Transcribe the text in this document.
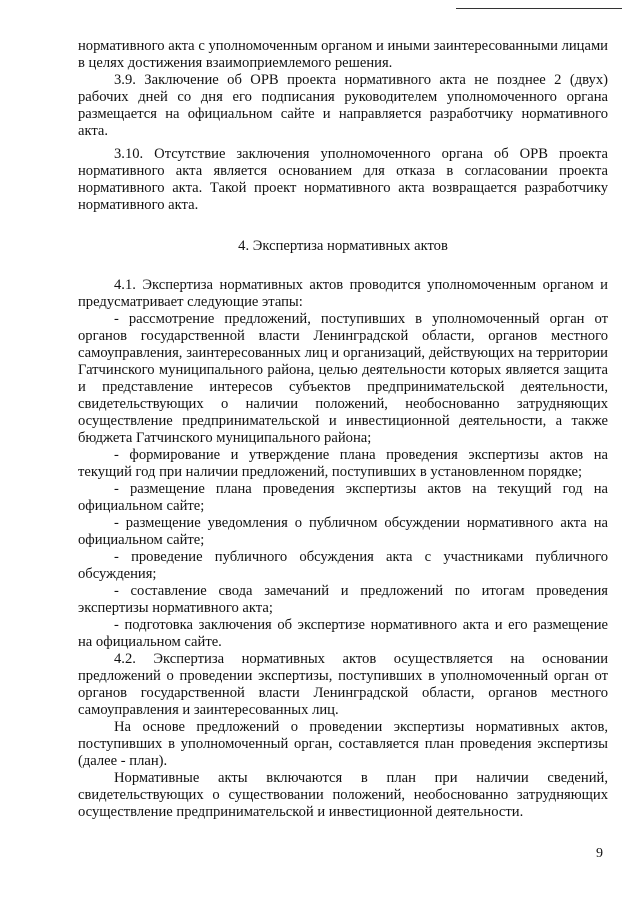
нормативного акта с уполномоченным органом и иными заинтересованными лицами в целях достижения взаимоприемлемого решения.

3.9. Заключение об ОРВ проекта нормативного акта не позднее 2 (двух) рабочих дней со дня его подписания руководителем уполномоченного органа размещается на официальном сайте и направляется разработчику нормативного акта.

3.10. Отсутствие заключения уполномоченного органа об ОРВ проекта нормативного акта является основанием для отказа в согласовании проекта нормативного акта. Такой проект нормативного акта возвращается разработчику нормативного акта.

4. Экспертиза нормативных актов

4.1. Экспертиза нормативных актов проводится уполномоченным органом и предусматривает следующие этапы:

- рассмотрение предложений, поступивших в уполномоченный орган от органов государственной власти Ленинградской области, органов местного самоуправления, заинтересованных лиц и организаций, действующих на территории Гатчинского муниципального района, целью деятельности которых является защита и представление интересов субъектов предпринимательской деятельности, свидетельствующих о наличии положений, необоснованно затрудняющих осуществление предпринимательской и инвестиционной деятельности, а также бюджета Гатчинского муниципального района;

- формирование и утверждение плана проведения экспертизы актов на текущий год при наличии предложений, поступивших в установленном порядке;

- размещение плана проведения экспертизы актов на текущий год на официальном сайте;

- размещение уведомления о публичном обсуждении нормативного акта на официальном сайте;

- проведение публичного обсуждения акта с участниками публичного обсуждения;

- составление свода замечаний и предложений по итогам проведения экспертизы нормативного акта;

- подготовка заключения об экспертизе нормативного акта и его размещение на официальном сайте.

4.2. Экспертиза нормативных актов осуществляется на основании предложений о проведении экспертизы, поступивших в уполномоченный орган от органов государственной власти Ленинградской области, органов местного самоуправления и заинтересованных лиц.

На основе предложений о проведении экспертизы нормативных актов, поступивших в уполномоченный орган, составляется план проведения экспертизы (далее - план).

Нормативные акты включаются в план при наличии сведений, свидетельствующих о существовании положений, необоснованно затрудняющих осуществление предпринимательской и инвестиционной деятельности.

9
